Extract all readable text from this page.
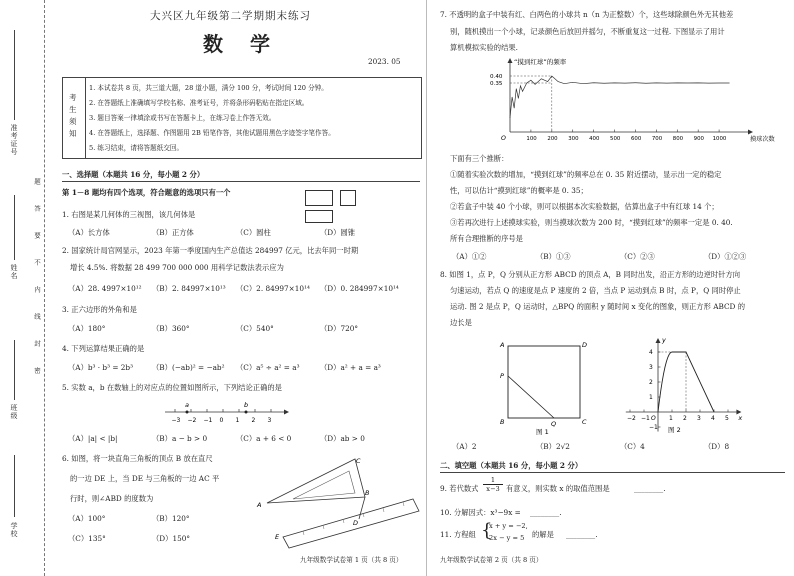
准考证号
姓名
班级
学校
题
答
要
不
内
线
封
密
大兴区九年级第二学期期末练习
数 学
2023. 05
考生须知
1. 本试卷共 8 页，共三道大题，28 道小题，满分 100 分，考试时间 120 分钟。
2. 在答题纸上准确填写学校名称、准考证号，并将条形码粘贴在指定区域。
3. 题目答案一律填涂或书写在答题卡上，在练习卷上作答无效。
4. 在答题纸上，选择题、作图题用 2B 铅笔作答，其他试题用黑色字迹签字笔作答。
5. 练习结束，请将答题纸交回。
一、选择题（本题共 16 分，每小题 2 分）
第 1－8 题均有四个选项，符合题意的选项只有一个
1. 右图是某几何体的三视图，该几何体是
（A）长方体	（B）正方体	（C）圆柱	（D）圆锥
2. 国家统计局官网显示，2023 年第一季度国内生产总值达 284997 亿元，比去年同一时期
增长 4.5%. 将数据 28 499 700 000 000 用科学记数法表示应为
（A）28. 4997×10¹² （B）2. 84997×10¹³ （C）2. 84997×10¹⁴ （D）0. 284997×10¹⁴
3. 正六边形的外角和是
（A）180°	（B）360°	（C）540°	（D）720°
4. 下列运算结果正确的是
（A）b³ · b³ = 2b³	（B）(−ab)² = −ab² （C）a⁵ ÷ a² = a³	（D）a² + a = a³
5. 实数 a，b 在数轴上的对应点的位置如图所示，下列结论正确的是
−3 −2 −1 0 1 2 3
a	b
（A）|a| < |b|	（B）a − b > 0	（C）a + 6 < 0	（D）ab > 0
6. 如图，将一块直角三角板的顶点 B 放在直尺
的一边 DE 上，当 DE 与三角板的一边 AC 平
行时，则∠ABD 的度数为
（A）100°	（B）120°
（C）135°	（D）150°
A
B
C
D
E
九年级数学试卷第 1 页（共 8 页）
7. 不透明的盒子中装有红、白两色的小球共 n（n 为正整数）个，这些球除颜色外无其他差
别，随机摸出一个小球，记录颜色后放回并摇匀，不断重复这一过程. 下图显示了用计
算机模拟实验的结果.
“摸到红球”的频率
摸球次数
O	100 200 300 400 500 600 700 800 900 1000
0.35
0.40
下面有三个推断：
①随着实验次数的增加，“摸到红球”的频率总在 0. 35 附近摆动，显示出一定的稳定
性，可以估计“摸到红球”的概率是 0. 35；
②若盒子中装 40 个小球，则可以根据本次实验数据，估算出盒子中有红球 14 个；
③若再次进行上述摸球实验，则当摸球次数为 200 时，“摸到红球”的频率一定是 0. 40.
所有合理推断的序号是
（A）①②	（B）①③	（C）②③	（D）①②③
8. 如图 1，点 P，Q 分别从正方形 ABCD 的顶点 A，B 同时出发，沿正方形的边逆时针方向
匀速运动，若点 Q 的速度是点 P 速度的 2 倍，当点 P 运动到点 B 时，点 P，Q 同时停止
运动. 图 2 是点 P，Q 运动时，△BPQ 的面积 y 随时间 x 变化的图象，则正方形 ABCD 的
边长是
A	D
P
B	Q	C
图 1
y
x
4
3
2
1
−1
−2 −1 O 1 2 3 4 5
图 2
（A）2	（B）2√2	（C）4	（D）8
二、填空题（本题共 16 分，每小题 2 分）
9. 若代数式 $\frac{1}{x-3}$ 有意义，则实数 x 的取值范围是	________.
10. 分解因式：x³−9x = ________.
11. 方程组 {
x + y = −2,
2x − y = 5 的解是 ________.
九年级数学试卷第 2 页（共 8 页）
